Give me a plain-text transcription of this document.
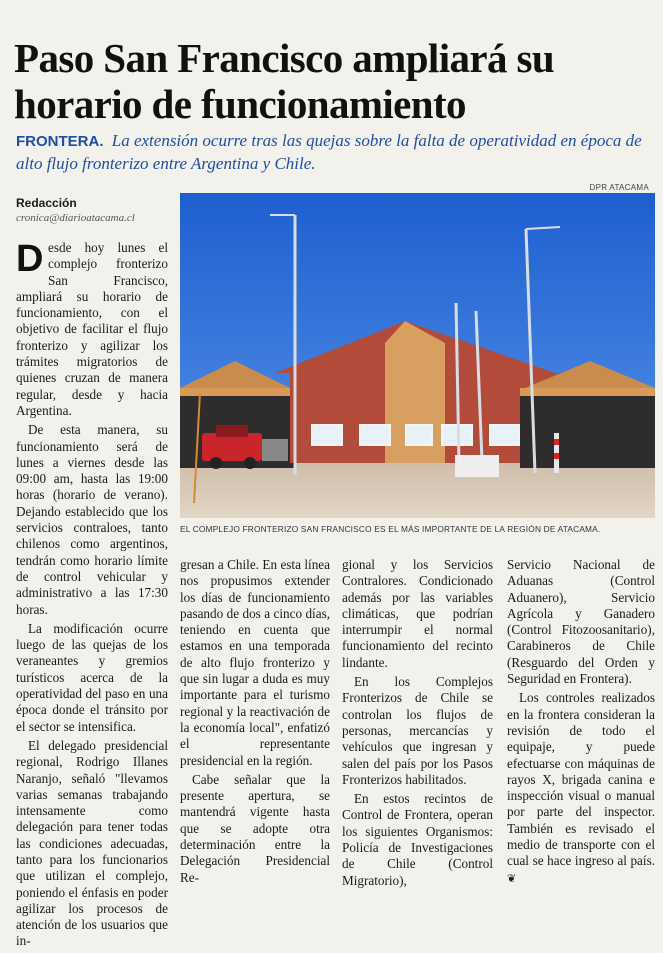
Paso San Francisco ampliará su horario de funcionamiento
FRONTERA. La extensión ocurre tras las quejas sobre la falta de operatividad en época de alto flujo fronterizo entre Argentina y Chile.
Redacción
cronica@diarioatacama.cl
DPR ATACAMA
EL COMPLEJO FRONTERIZO SAN FRANCISCO ES EL MÁS IMPORTANTE DE LA REGIÓN DE ATACAMA.

Desde hoy lunes el complejo fronterizo San Francisco, ampliará su horario de funcionamiento, con el objetivo de facilitar el flujo fronterizo y agilizar los trámites migratorios de quienes cruzan de manera regular, desde y hacia Argentina.

De esta manera, su funcionamiento será de lunes a viernes desde las 09:00 am, hasta las 19:00 horas (horario de verano). Dejando establecido que los servicios contraloes, tanto chilenos como argentinos, tendrán como horario límite de control vehicular y administrativo a las 17:30 horas.

La modificación ocurre luego de las quejas de los veraneantes y gremios turísticos acerca de la operatividad del paso en una época donde el tránsito por el sector se intensifica.

El delegado presidencial regional, Rodrigo Illanes Naranjo, señaló "llevamos varias semanas trabajando intensamente como delegación para tener todas las condiciones adecuadas, tanto para los funcionarios que utilizan el complejo, poniendo el énfasis en poder agilizar los procesos de atención de los usuarios que in-

gresan a Chile. En esta línea nos propusimos extender los días de funcionamiento pasando de dos a cinco días, teniendo en cuenta que estamos en una temporada de alto flujo fronterizo y que sin lugar a duda es muy importante para el turismo regional y la reactivación de la economía local", enfatizó el representante presidencial en la región.

Cabe señalar que la presente apertura, se mantendrá vigente hasta que se adopte otra determinación entre la Delegación Presidencial Re-

gional y los Servicios Contralores. Condicionado además por las variables climáticas, que podrían interrumpir el normal funcionamiento del recinto lindante.

En los Complejos Fronterizos de Chile se controlan los flujos de personas, mercancías y vehículos que ingresan y salen del país por los Pasos Fronterizos habilitados.

En estos recintos de Control de Frontera, operan los siguientes Organismos: Policía de Investigaciones de Chile (Control Migratorio),

Servicio Nacional de Aduanas (Control Aduanero), Servicio Agrícola y Ganadero (Control Fitozoosanitario), Carabineros de Chile (Resguardo del Orden y Seguridad en Frontera).

Los controles realizados en la frontera consideran la revisión de todo el equipaje, y puede efectuarse con máquinas de rayos X, brigada canina e inspección visual o manual por parte del inspector. También es revisado el medio de transporte con el cual se hace ingreso al país. ❦
